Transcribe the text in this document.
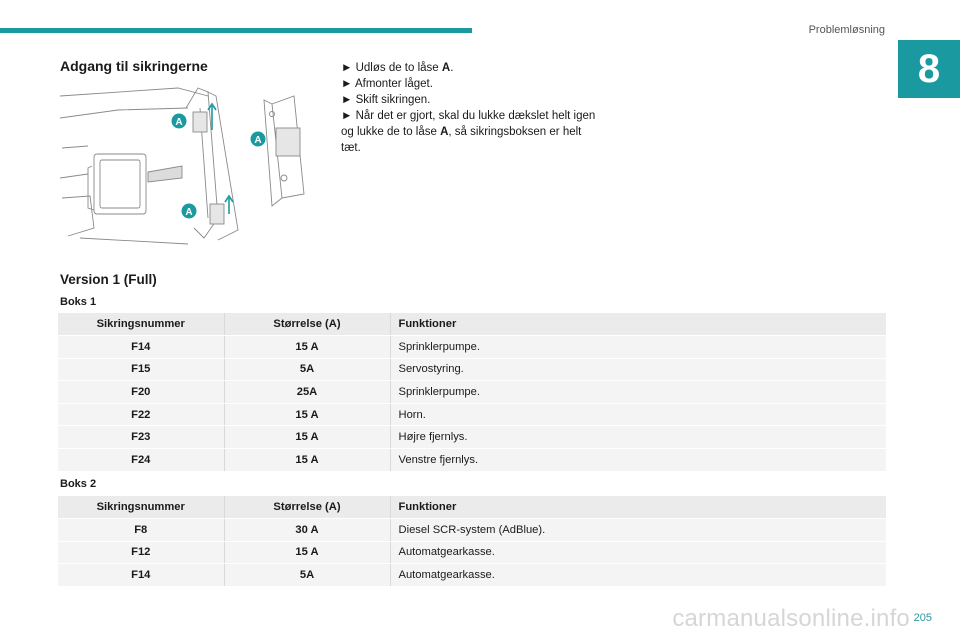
Problemløsning
8
Adgang til sikringerne
A
A
A
► Udløs de to låse A.
► Afmonter låget.
► Skift sikringen.
► Når det er gjort, skal du lukke dækslet helt igen og lukke de to låse A, så sikringsboksen er helt tæt.
Version 1 (Full)
Boks 1
Sikringsnummer	Størrelse (A)	Funktioner
F14	15 A	Sprinklerpumpe.
F15	5A	Servostyring.
F20	25A	Sprinklerpumpe.
F22	15 A	Horn.
F23	15 A	Højre fjernlys.
F24	15 A	Venstre fjernlys.
Boks 2
Sikringsnummer	Størrelse (A)	Funktioner
F8	30 A	Diesel SCR-system (AdBlue).
F12	15 A	Automatgearkasse.
F14	5A	Automatgearkasse.
carmanualsonline.info 205
